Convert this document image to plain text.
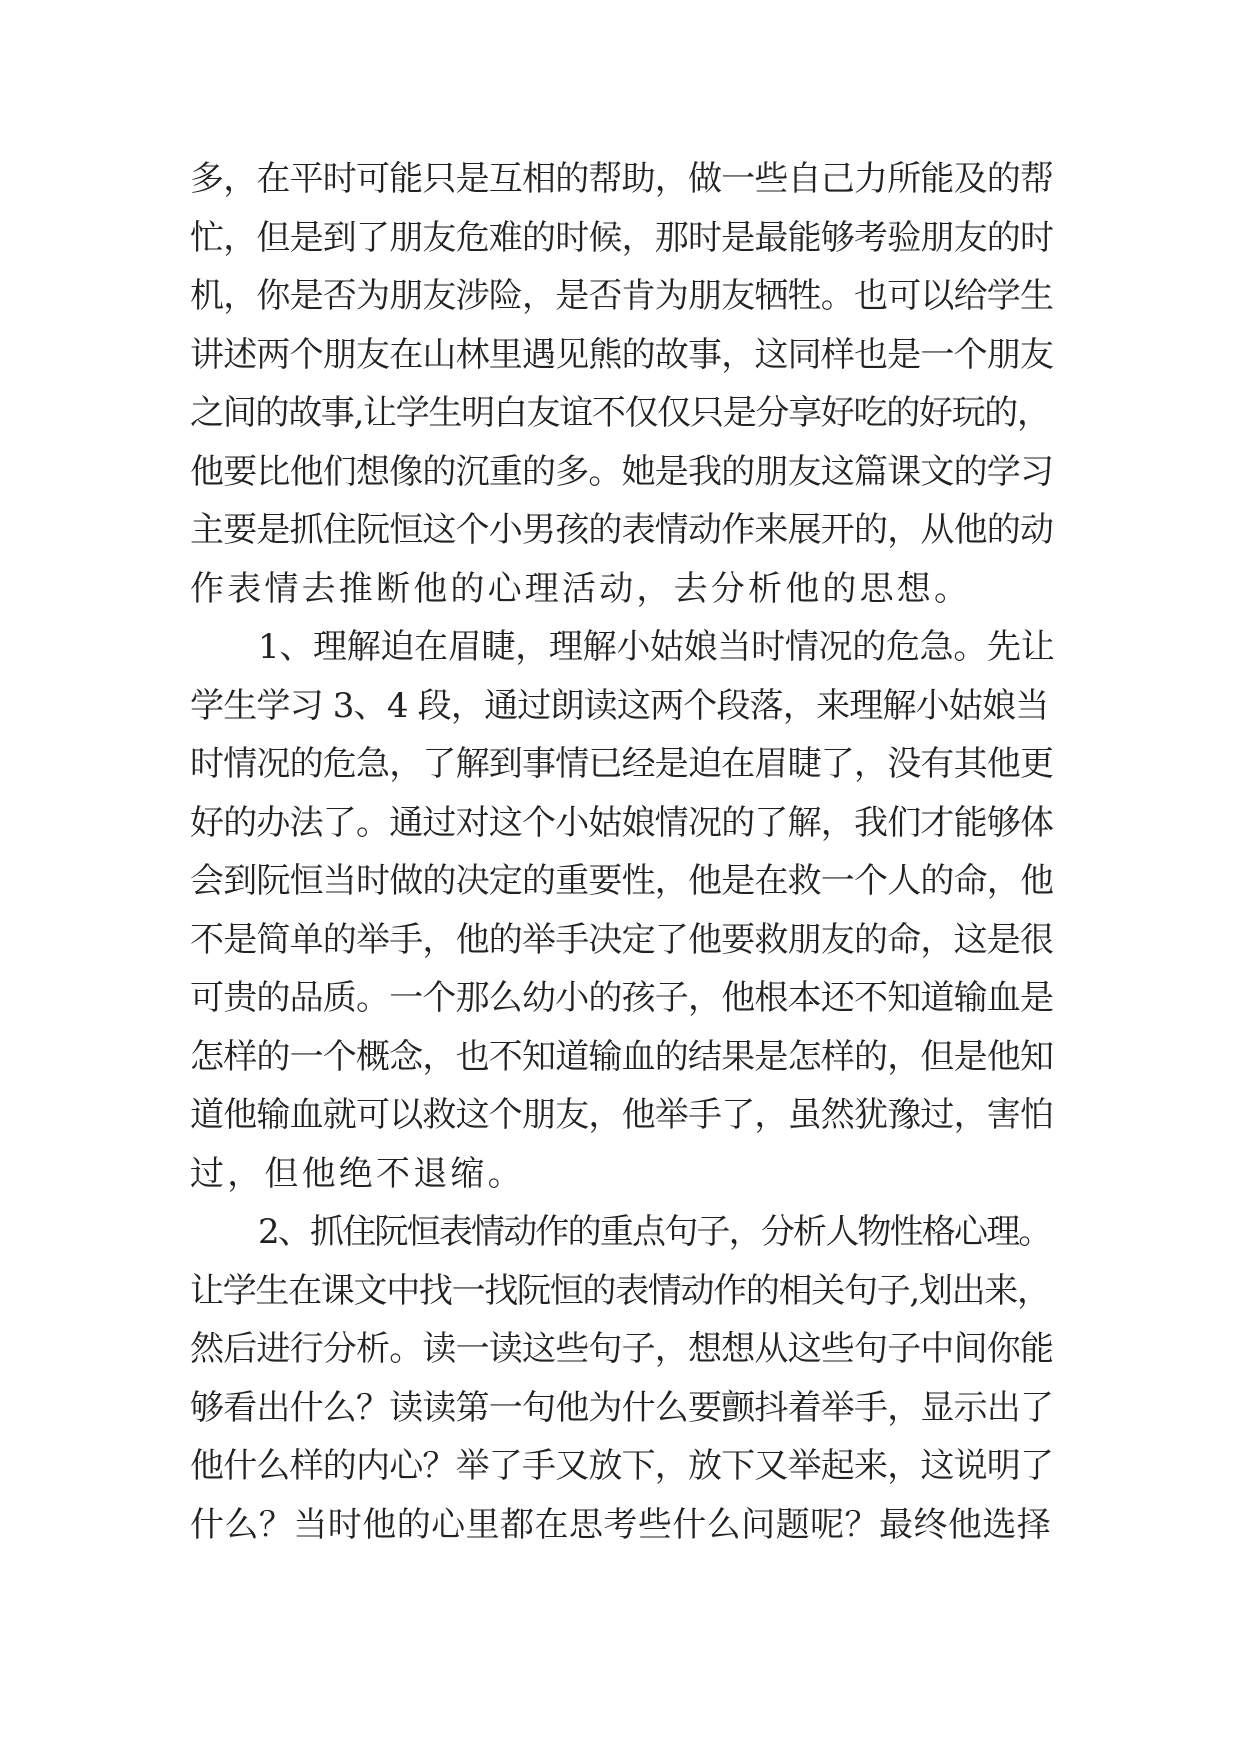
多，在平时可能只是互相的帮助，做一些自己力所能及的帮
忙，但是到了朋友危难的时候，那时是最能够考验朋友的时
机，你是否为朋友涉险，是否肯为朋友牺牲。也可以给学生
讲述两个朋友在山林里遇见熊的故事，这同样也是一个朋友
之间的故事,让学生明白友谊不仅仅只是分享好吃的好玩的，
他要比他们想像的沉重的多。她是我的朋友这篇课文的学习
主要是抓住阮恒这个小男孩的表情动作来展开的，从他的动
作表情去推断他的心理活动，去分析他的思想。
1、理解迫在眉睫，理解小姑娘当时情况的危急。先让
学生学习 3、4 段，通过朗读这两个段落，来理解小姑娘当
时情况的危急，了解到事情已经是迫在眉睫了，没有其他更
好的办法了。通过对这个小姑娘情况的了解，我们才能够体
会到阮恒当时做的决定的重要性，他是在救一个人的命，他
不是简单的举手，他的举手决定了他要救朋友的命，这是很
可贵的品质。一个那么幼小的孩子，他根本还不知道输血是
怎样的一个概念，也不知道输血的结果是怎样的，但是他知
道他输血就可以救这个朋友，他举手了，虽然犹豫过，害怕
过，但他绝不退缩。
2、抓住阮恒表情动作的重点句子，分析人物性格心理。
让学生在课文中找一找阮恒的表情动作的相关句子,划出来，
然后进行分析。读一读这些句子，想想从这些句子中间你能
够看出什么？读读第一句他为什么要颤抖着举手，显示出了
他什么样的内心？举了手又放下，放下又举起来，这说明了
什么？当时他的心里都在思考些什么问题呢？最终他选择
